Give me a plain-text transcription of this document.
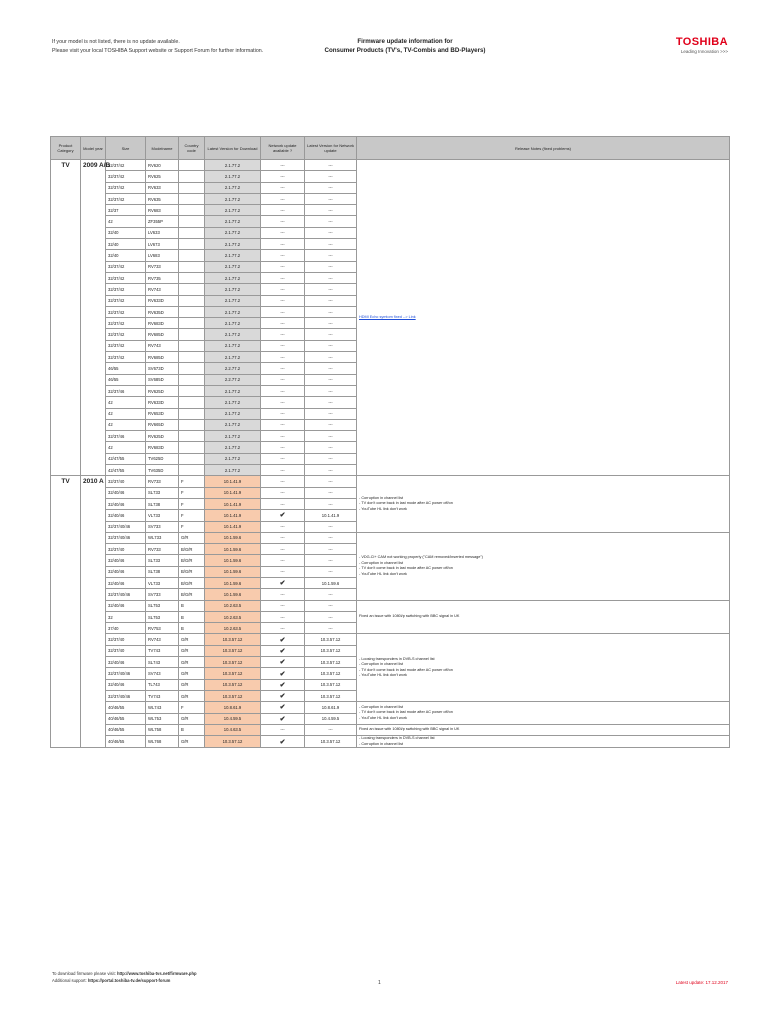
If your model is not listed, there is no update available.
Please visit your local TOSHIBA Support website or Support Forum for further information.
Firmware update information for
Consumer Products (TV's, TV-Combis and BD-Players)
TOSHIBA
Leading Innovation >>>
Product Category	Model year	Size	Modelname	Country code	Latest Version for Download	Network update available ?	Latest Version for Network update	Release Notes (fixed problems)
TV	2009 A/B	32/37/42	RV620		2.1.77.2	---	---	HDMI Echo symtom fixed --> Link
		32/37/42	RV625		2.1.77.2	---	---	
		32/37/42	RV633		2.1.77.2	---	---	
		32/37/42	RV635		2.1.77.2	---	---	
		32/37	RV683		2.1.77.2	---	---	
		42	ZF355P		2.1.77.2	---	---	
		32/40	LV633		2.1.77.2	---	---	
		32/40	LV673		2.1.77.2	---	---	
		32/40	LV683		2.1.77.2	---	---	
		32/37/42	RV733		2.1.77.2	---	---	
		32/37/42	RV735		2.1.77.2	---	---	
		32/37/42	RV743		2.1.77.2	---	---	
		32/37/42	RV633D		2.1.77.2	---	---	
		32/37/42	RV635D		2.1.77.2	---	---	
		32/37/42	RV683D		2.1.77.2	---	---	
		32/37/42	RV685D		2.1.77.2	---	---	
		32/37/42	RV743		2.1.77.2	---	---	
		32/37/42	RV685D		2.1.77.2	---	---	
		46/55	SV673D		2.2.77.2	---	---	
		46/55	SV685D		2.2.77.2	---	---	
		32/37/46	RV625D		2.1.77.2	---	---	
		42	RV633D		2.1.77.2	---	---	
		42	RV653D		2.1.77.2	---	---	
		42	RV665D		2.1.77.2	---	---	
		32/37/46	RV625D		2.1.77.2	---	---	
		42	RV683D		2.1.77.2	---	---	
		42/47/55	TV625D		2.1.77.2	---	---	
		42/47/55	TV635D		2.1.77.2	---	---	
TV	2010 A	32/37/40	RV733	F	10.1.41.9	---	---	- Corruption in channel list
- TV don't come back in last mode after AC power off/on
- YouTube HL link don't work

		32/40/46	SL733	F	10.1.41.9	---	---	
		32/40/46	SL738	F	10.1.41.9	---	---	
		32/40/46	VL733	F	10.1.41.9	✔	10.1.41.9	
		32/37/40/46	SV733	F	10.1.41.9	---	---	
		32/37/40/46	WL733	G/R	10.1.59.6	---	---	- VDG-Cl+ CAM not working properly ("CAM removed/inserted message")
- Corruption in channel list
- TV don't come back in last mode after AC power off/on
- YouTube HL link don't work

		32/37/40	RV733	B/G/R	10.1.59.6	---	---	
		32/40/46	SL733	B/G/R	10.1.59.6	---	---	
		32/40/46	SL738	B/G/R	10.1.59.6	---	---	
		32/40/46	VL733	B/G/R	10.1.59.6	✔	10.1.59.6	
		32/37/40/46	SV733	B/G/R	10.1.59.6	---	---	
		32/40/46	SL753	B	10.2.63.5	---	---	Fixed an issue with 1080i/p switching with BBC signal in UK

		32	SL753	B	10.2.63.5	---	---	
		37/40	RV753	B	10.2.63.5	---	---	
		32/37/40	RV743	G/R	10.3.57.12	✔	10.3.57.12	- Loosing transponders in DVB-S channel list
- Corruption in channel list
- TV don't come back in last mode after AC power off/on
- YouTube HL link don't work

		32/37/40	TV743	G/R	10.3.57.12	✔	10.3.57.12	
		32/40/46	SL743	G/R	10.3.57.12	✔	10.3.57.12	
		32/37/40/46	SV743	G/R	10.3.57.12	✔	10.3.57.12	
		32/40/46	TL743	G/R	10.3.57.12	✔	10.3.57.12	
		32/37/40/46	TV743	G/R	10.3.57.12	✔	10.3.57.12	
		40/46/55	WL743	F	10.8.61.9	✔	10.8.61.9	- Corruption in channel list
- TV don't come back in last mode after AC power off/on
- YouTube HL link don't work

		40/46/55	WL753	G/R	10.4.59.5	✔	10.4.59.5	
		40/46/55	WL758	B	10.4.63.5	---	---	Fixed an issue with 1080i/p switching with BBC signal in UK

		40/46/55	WL768	G/R	10.3.57.12	✔	10.3.57.12	- Loosing transponders in DVB-S channel list
- Corruption in channel list
To download firmware please visit: http://www.toshiba-tvs.net/firmware.php
Additional support: https://portal.toshiba-tv.de/support-forum	1	Latest update: 17.12.2017
